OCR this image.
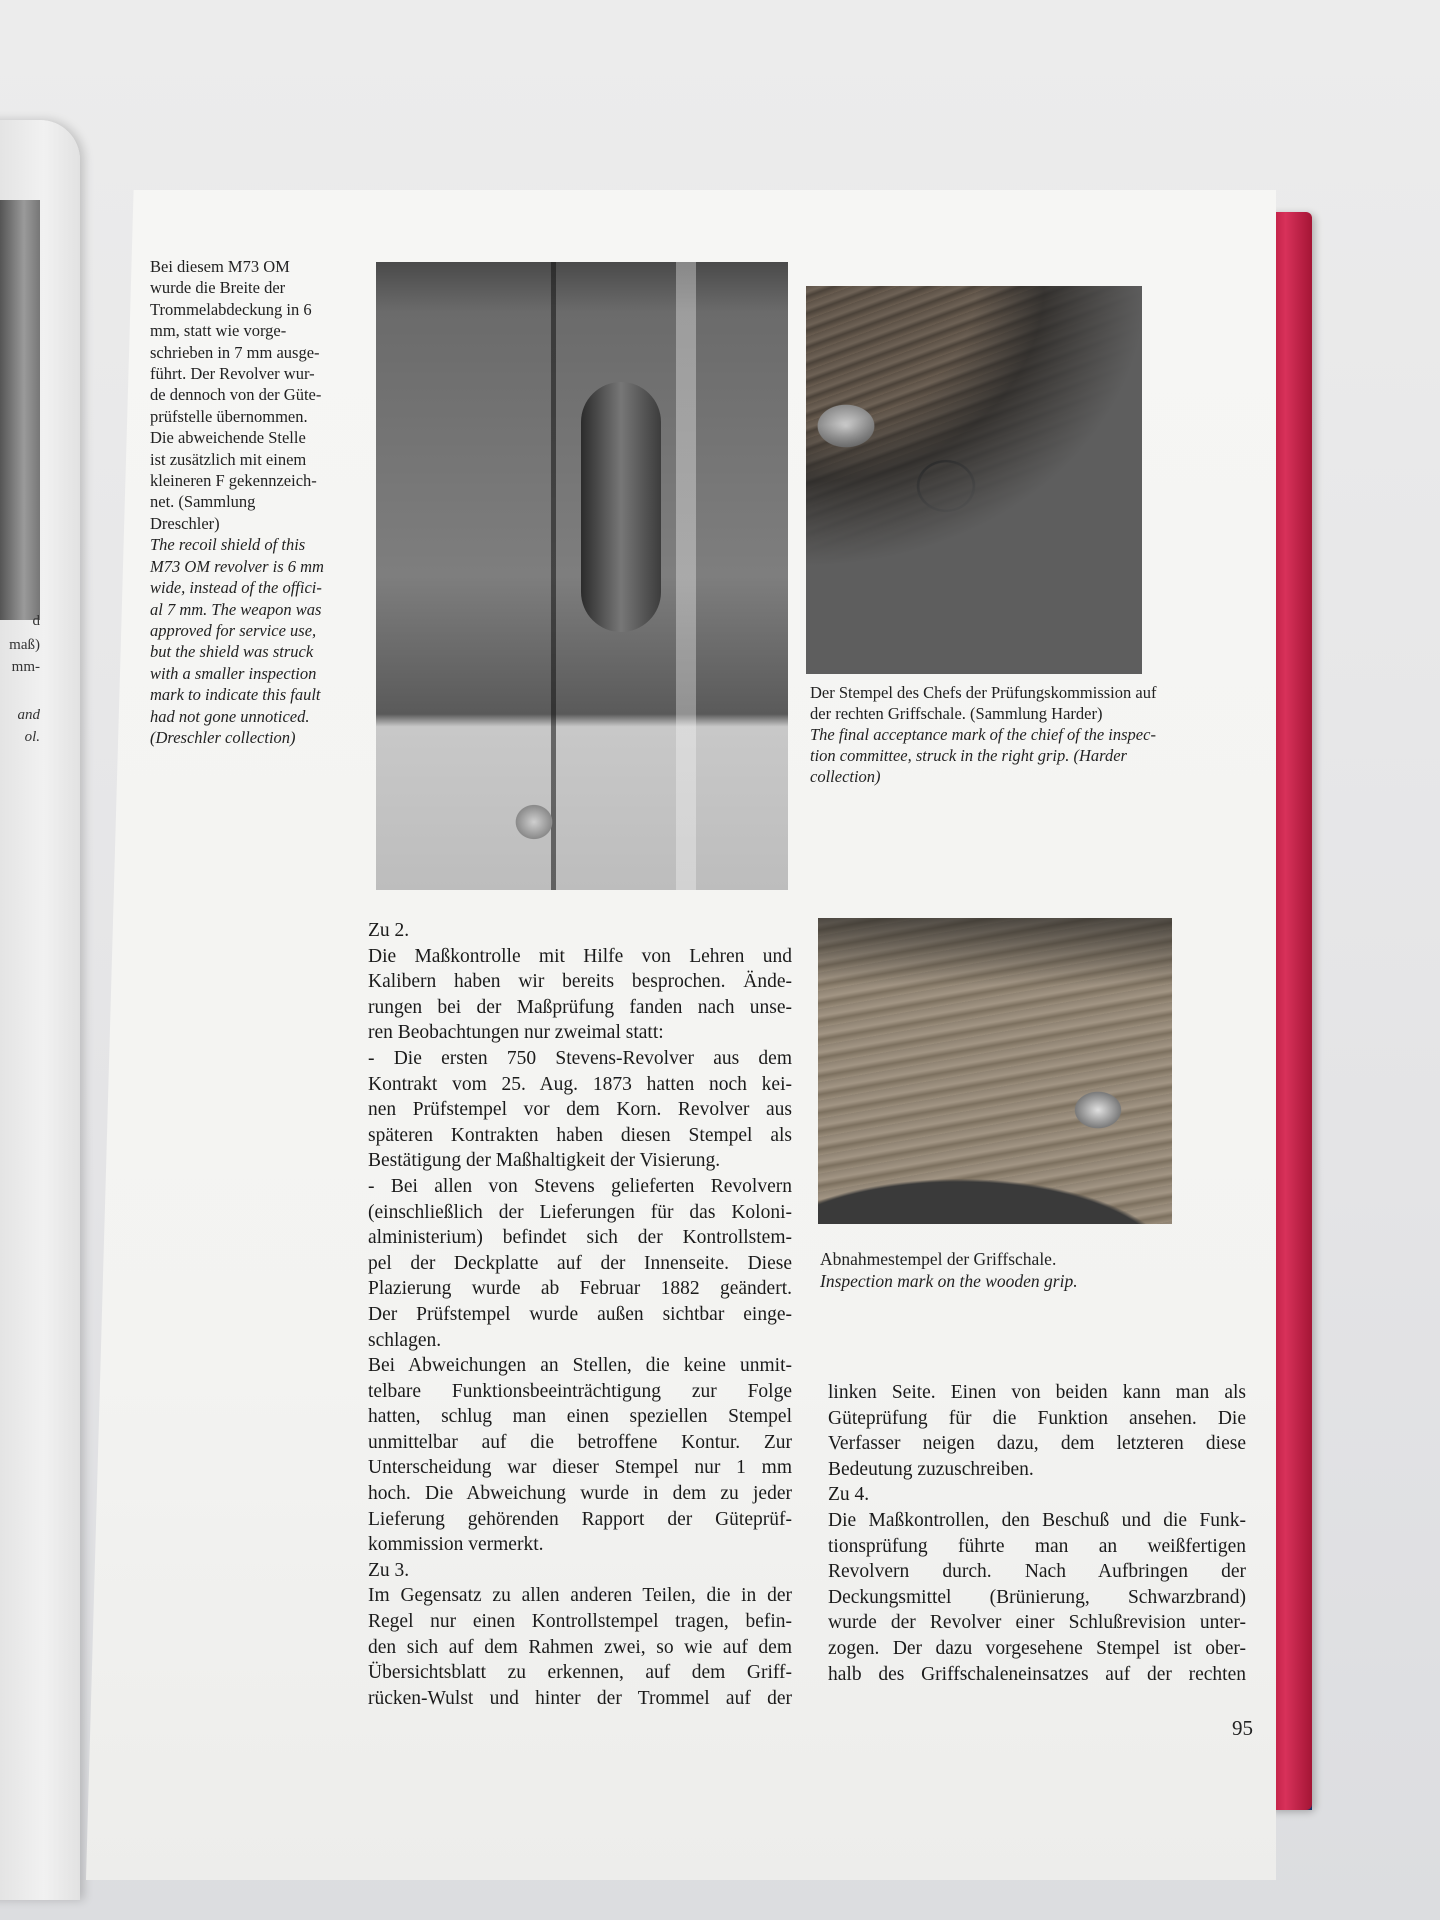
d
maß)
mm-
and
ol.
Bei diesem M73 OM
wurde die Breite der
Trommelabdeckung in 6
mm, statt wie vorge-
schrieben in 7 mm ausge-
führt. Der Revolver wur-
de dennoch von der Güte-
prüfstelle übernommen.
Die abweichende Stelle
ist zusätzlich mit einem
kleineren F gekennzeich-
net. (Sammlung
Dreschler)
The recoil shield of this
M73 OM revolver is 6 mm
wide, instead of the offici-
al 7 mm. The weapon was
approved for service use,
but the shield was struck
with a smaller inspection
mark to indicate this fault
had not gone unnoticed.
(Dreschler collection)
Der Stempel des Chefs der Prüfungskommission auf
der rechten Griffschale. (Sammlung Harder)
The final acceptance mark of the chief of the inspec-
tion committee, struck in the right grip. (Harder
collection)
Abnahmestempel der Griffschale.
Inspection mark on the wooden grip.
Zu 2.
Die Maßkontrolle mit Hilfe von Lehren und
Kalibern haben wir bereits besprochen. Ände-
rungen bei der Maßprüfung fanden nach unse-
ren Beobachtungen nur zweimal statt:
- Die ersten 750 Stevens-Revolver aus dem
Kontrakt vom 25. Aug. 1873 hatten noch kei-
nen Prüfstempel vor dem Korn. Revolver aus
späteren Kontrakten haben diesen Stempel als
Bestätigung der Maßhaltigkeit der Visierung.
- Bei allen von Stevens gelieferten Revolvern
(einschließlich der Lieferungen für das Koloni-
alministerium) befindet sich der Kontrollstem-
pel der Deckplatte auf der Innenseite. Diese
Plazierung wurde ab Februar 1882 geändert.
Der Prüfstempel wurde außen sichtbar einge-
schlagen.
Bei Abweichungen an Stellen, die keine unmit-
telbare Funktionsbeeinträchtigung zur Folge
hatten, schlug man einen speziellen Stempel
unmittelbar auf die betroffene Kontur. Zur
Unterscheidung war dieser Stempel nur 1 mm
hoch. Die Abweichung wurde in dem zu jeder
Lieferung gehörenden Rapport der Güteprüf-
kommission vermerkt.
Zu 3.
Im Gegensatz zu allen anderen Teilen, die in der
Regel nur einen Kontrollstempel tragen, befin-
den sich auf dem Rahmen zwei, so wie auf dem
Übersichtsblatt zu erkennen, auf dem Griff-
rücken-Wulst und hinter der Trommel auf der
linken Seite. Einen von beiden kann man als
Güteprüfung für die Funktion ansehen. Die
Verfasser neigen dazu, dem letzteren diese
Bedeutung zuzuschreiben.
Zu 4.
Die Maßkontrollen, den Beschuß und die Funk-
tionsprüfung führte man an weißfertigen
Revolvern durch. Nach Aufbringen der
Deckungsmittel (Brünierung, Schwarzbrand)
wurde der Revolver einer Schlußrevision unter-
zogen. Der dazu vorgesehene Stempel ist ober-
halb des Griffschaleneinsatzes auf der rechten
95
